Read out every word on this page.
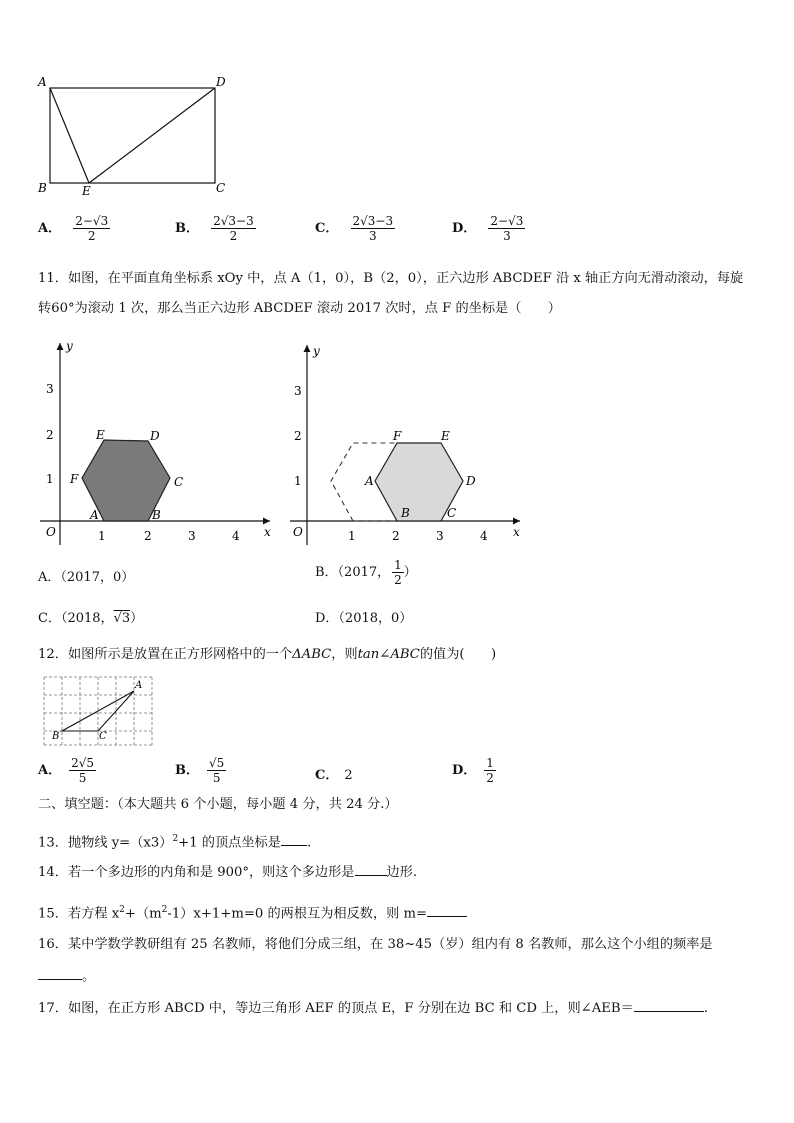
A	D
B	C
E
A． $\frac{2-√3}{2}$	B． $\frac{2√3-3}{2}$	C． $\frac{2√3-3}{3}$	D． $\frac{2-√3}{3}$
11．如图，在平面直角坐标系 xOy 中，点 A（1，0），B（2，0），正六边形 ABCDEF 沿 x 轴正方向无滑动滚动，每旋
转60°为滚动 1 次，那么当正六边形 ABCDEF 滚动 2017 次时，点 F 的坐标是（　　）
y
x
O	1	2	3	4
1
2
3
A	B
C
D
E
F
y
x
O	1	2	3	4
1
2
3
A
B	C
D
E
F
A．（2017，0）	B．（2017， $\frac{1}{2}$ ）
C．（2018，√3）	D．（2018，0）
12．如图所示是放置在正方形网格中的一个ΔABC，则tan∠ABC的值为(　　)
A
B	C
A． $\frac{2√5}{5}$	B． $\frac{√5}{5}$	C． 2	D． $\frac{1}{2}$
二、填空题：（本大题共 6 个小题，每小题 4 分，共 24 分.）
13．抛物线 $y=(x3)^2+1$ 的顶点坐标是 .
14．若一个多边形的内角和是 900°，则这个多边形是 边形.
15．若方程 $x^2+(m^2-1)x+1+m=0$ 的两根互为相反数，则 m=
16．某中学数学教研组有 25 名教师，将他们分成三组，在 38~45（岁）组内有 8 名教师，那么这个小组的频率是
。
17．如图，在正方形 ABCD 中，等边三角形 AEF 的顶点 E，F 分别在边 BC 和 CD 上，则∠AEB＝	.
